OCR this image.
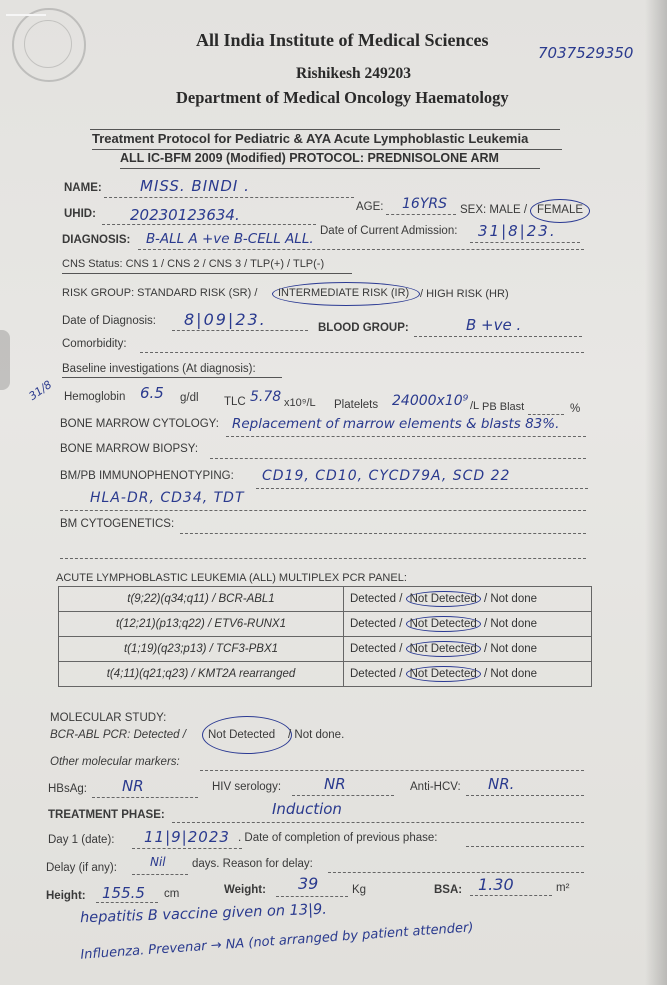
7037529350
All India Institute of Medical Sciences
Rishikesh 249203
Department of Medical Oncology Haematology
Treatment Protocol for Pediatric & AYA Acute Lymphoblastic Leukemia
ALL IC-BFM 2009 (Modified) PROTOCOL: PREDNISOLONE ARM
NAME:	MISS. BINDI .
AGE: 16YRS SEX: MALE / FEMALE
UHID: 20230123634.
Date of Current Admission: 31|8|23.
DIAGNOSIS: B-ALL A +ve B-CELL ALL.
CNS Status: CNS 1 / CNS 2 / CNS 3 / TLP(+) / TLP(-)
RISK GROUP: STANDARD RISK (SR) / INTERMEDIATE RISK (IR) / HIGH RISK (HR)
Date of Diagnosis: 8|09|23.	BLOOD GROUP:	B +ve .
Comorbidity:
Baseline investigations (At diagnosis):
31/8 Hemoglobin 6.5 g/dl TLC 5.78 x10⁹/L Platelets 24000x10⁹ /L PB Blast	%
BONE MARROW CYTOLOGY: Replacement of marrow elements & blasts 83%.
BONE MARROW BIOPSY:
BM/PB IMMUNOPHENOTYPING: CD19, CD10, CYCD79A, SCD 22
HLA-DR, CD34, TDT
BM CYTOGENETICS:
ACUTE LYMPHOBLASTIC LEUKEMIA (ALL) MULTIPLEX PCR PANEL:
t(9;22)(q34;q11) / BCR-ABL1	Detected / Not Detected / Not done
t(12;21)(p13;q22) / ETV6-RUNX1	Detected / Not Detected / Not done
t(1;19)(q23;p13) / TCF3-PBX1	Detected / Not Detected / Not done
t(4;11)(q21;q23) / KMT2A rearranged	Detected / Not Detected / Not done
MOLECULAR STUDY:
BCR-ABL PCR: Detected / Not Detected / Not done.
Other molecular markers:
HBsAg: NR	HIV serology:	NR	Anti-HCV: NR.
TREATMENT PHASE:	Induction
Day 1 (date): 11|9|2023 . Date of completion of previous phase:
Delay (if any):	Nil days. Reason for delay:
Height: 155.5 cm	Weight: 39	Kg	BSA: 1.30	m²
hepatitis B vaccine given on 13|9.
Influenza. Prevenar → NA (not arranged by patient attender)
